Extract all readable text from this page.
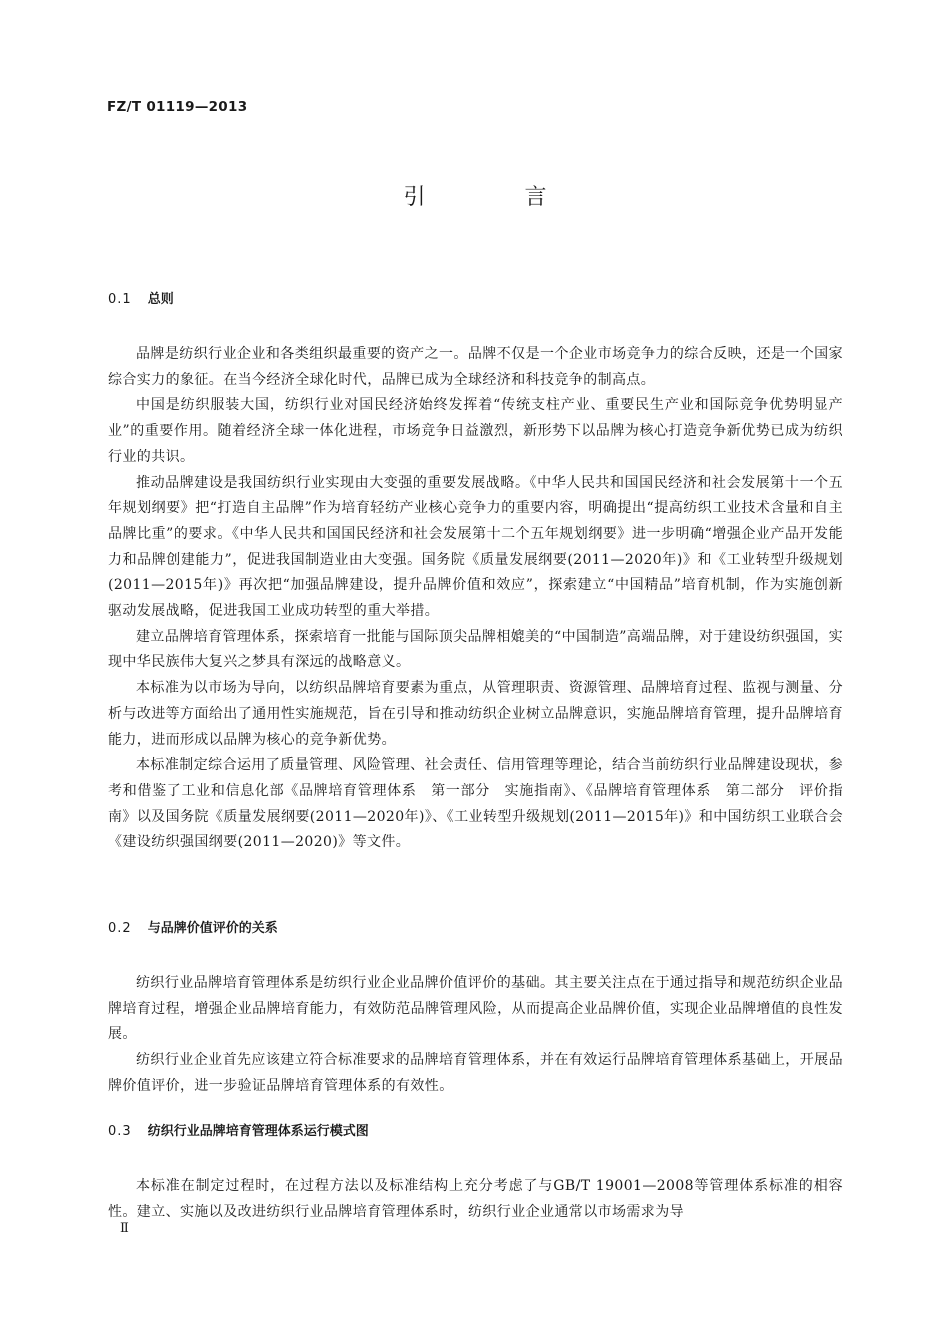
FZ/T 01119—2013
引 言
0.1 总则

品牌是纺织行业企业和各类组织最重要的资产之一。品牌不仅是一个企业市场竞争力的综合反映，还是一个国家综合实力的象征。在当今经济全球化时代，品牌已成为全球经济和科技竞争的制高点。

中国是纺织服装大国，纺织行业对国民经济始终发挥着“传统支柱产业、重要民生产业和国际竞争优势明显产业”的重要作用。随着经济全球一体化进程，市场竞争日益激烈，新形势下以品牌为核心打造竞争新优势已成为纺织行业的共识。

推动品牌建设是我国纺织行业实现由大变强的重要发展战略。《中华人民共和国国民经济和社会发展第十一个五年规划纲要》把“打造自主品牌”作为培育轻纺产业核心竞争力的重要内容，明确提出“提高纺织工业技术含量和自主品牌比重”的要求。《中华人民共和国国民经济和社会发展第十二个五年规划纲要》进一步明确“增强企业产品开发能力和品牌创建能力”，促进我国制造业由大变强。国务院《质量发展纲要(2011—2020年)》和《工业转型升级规划(2011—2015年)》再次把“加强品牌建设，提升品牌价值和效应”，探索建立“中国精品”培育机制，作为实施创新驱动发展战略，促进我国工业成功转型的重大举措。

建立品牌培育管理体系，探索培育一批能与国际顶尖品牌相媲美的“中国制造”高端品牌，对于建设纺织强国，实现中华民族伟大复兴之梦具有深远的战略意义。

本标准为以市场为导向，以纺织品牌培育要素为重点，从管理职责、资源管理、品牌培育过程、监视与测量、分析与改进等方面给出了通用性实施规范，旨在引导和推动纺织企业树立品牌意识，实施品牌培育管理，提升品牌培育能力，进而形成以品牌为核心的竞争新优势。

本标准制定综合运用了质量管理、风险管理、社会责任、信用管理等理论，结合当前纺织行业品牌建设现状，参考和借鉴了工业和信息化部《品牌培育管理体系　第一部分　实施指南》、《品牌培育管理体系　第二部分　评价指南》以及国务院《质量发展纲要(2011—2020年)》、《工业转型升级规划(2011—2015年)》和中国纺织工业联合会《建设纺织强国纲要(2011—2020)》等文件。

0.2 与品牌价值评价的关系

纺织行业品牌培育管理体系是纺织行业企业品牌价值评价的基础。其主要关注点在于通过指导和规范纺织企业品牌培育过程，增强企业品牌培育能力，有效防范品牌管理风险，从而提高企业品牌价值，实现企业品牌增值的良性发展。

纺织行业企业首先应该建立符合标准要求的品牌培育管理体系，并在有效运行品牌培育管理体系基础上，开展品牌价值评价，进一步验证品牌培育管理体系的有效性。

0.3 纺织行业品牌培育管理体系运行模式图

本标准在制定过程时，在过程方法以及标准结构上充分考虑了与GB/T 19001—2008等管理体系标准的相容性。建立、实施以及改进纺织行业品牌培育管理体系时，纺织行业企业通常以市场需求为导

Ⅱ
